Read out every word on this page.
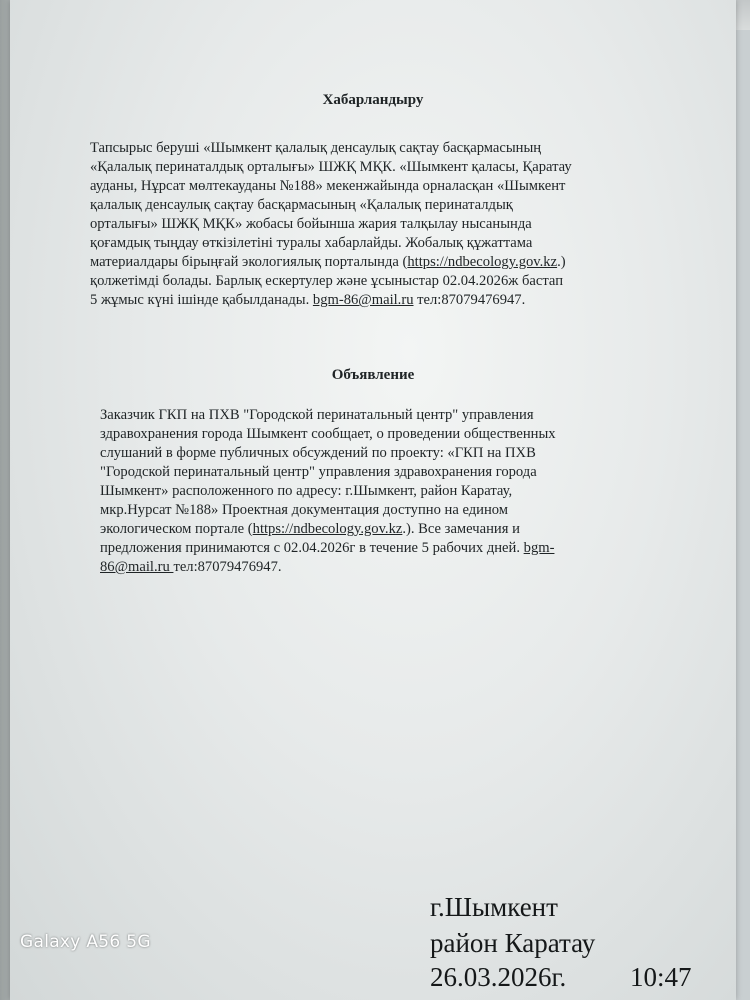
Хабарландыру
Тапсырыс беруші «Шымкент қалалық денсаулық сақтау басқармасының
«Қалалық перинаталдық орталығы» ШЖҚ МҚК. «Шымкент қаласы, Қаратау
ауданы, Нұрсат мөлтекауданы №188» мекенжайында орналасқан «Шымкент
қалалық денсаулық сақтау басқармасының «Қалалық перинаталдық
орталығы» ШЖҚ МҚК» жобасы бойынша жария талқылау нысанында
қоғамдық тыңдау өткізілетіні туралы хабарлайды. Жобалық құжаттама
материалдары бірыңғай экологиялық порталында (https://ndbecology.gov.kz.)
қолжетімді болады. Барлық ескертулер және ұсыныстар 02.04.2026ж бастап
5 жұмыс күні ішінде қабылданады. bgm-86@mail.ru тел:87079476947.
Объявление
Заказчик ГКП на ПХВ "Городской перинатальный центр" управления
здравохранения города Шымкент сообщает, о проведении общественных
слушаний в форме публичных обсуждений по проекту: «ГКП на ПХВ
"Городской перинатальный центр" управления здравохранения города
Шымкент» расположенного по адресу: г.Шымкент, район Каратау,
мкр.Нурсат №188» Проектная документация доступно на едином
экологическом портале (https://ndbecology.gov.kz.). Все замечания и
предложения принимаются с 02.04.2026г в течение 5 рабочих дней. bgm-
86@mail.ru тел:87079476947.
г.Шымкент
район Каратау
26.03.2026г. 10:47
Galaxy A56 5G
